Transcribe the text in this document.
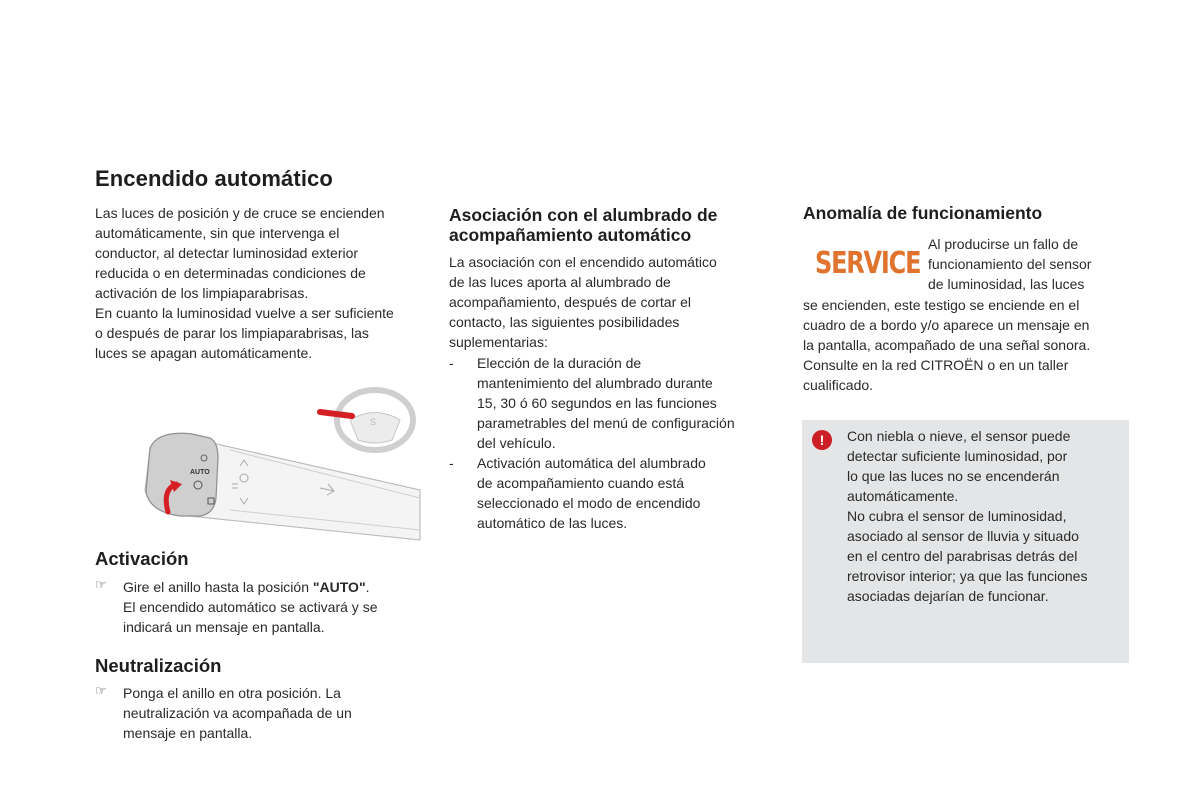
Encendido automático

Las luces de posición y de cruce se encienden

automáticamente, sin que intervenga el

conductor, al detectar luminosidad exterior

reducida o en determinadas condiciones de

activación de los limpiaparabrisas.

En cuanto la luminosidad vuelve a ser suficiente

o después de parar los limpiaparabrisas, las

luces se apagan automáticamente.

AUTO
S
Activación
☞	Gire el anillo hasta la posición "AUTO".

El encendido automático se activará y se

indicará un mensaje en pantalla.

Neutralización
☞	Ponga el anillo en otra posición. La

neutralización va acompañada de un

mensaje en pantalla.

Asociación con el alumbrado de
acompañamiento automático

La asociación con el encendido automático

de las luces aporta al alumbrado de

acompañamiento, después de cortar el

contacto, las siguientes posibilidades

suplementarias:

-	Elección de la duración de

mantenimiento del alumbrado durante

15, 30 ó 60 segundos en las funciones

parametrables del menú de configuración

del vehículo.

-	Activación automática del alumbrado

de acompañamiento cuando está

seleccionado el modo de encendido

automático de las luces.

Anomalía de funcionamiento
SERVICE

Al producirse un fallo de

funcionamiento del sensor

de luminosidad, las luces

se encienden, este testigo se enciende en el

cuadro de a bordo y/o aparece un mensaje en

la pantalla, acompañado de una señal sonora.

Consulte en la red CITROËN o en un taller

cualificado.

!	Con niebla o nieve, el sensor puede

detectar suficiente luminosidad, por

lo que las luces no se encenderán

automáticamente.

No cubra el sensor de luminosidad,

asociado al sensor de lluvia y situado

en el centro del parabrisas detrás del

retrovisor interior; ya que las funciones

asociadas dejarían de funcionar.
